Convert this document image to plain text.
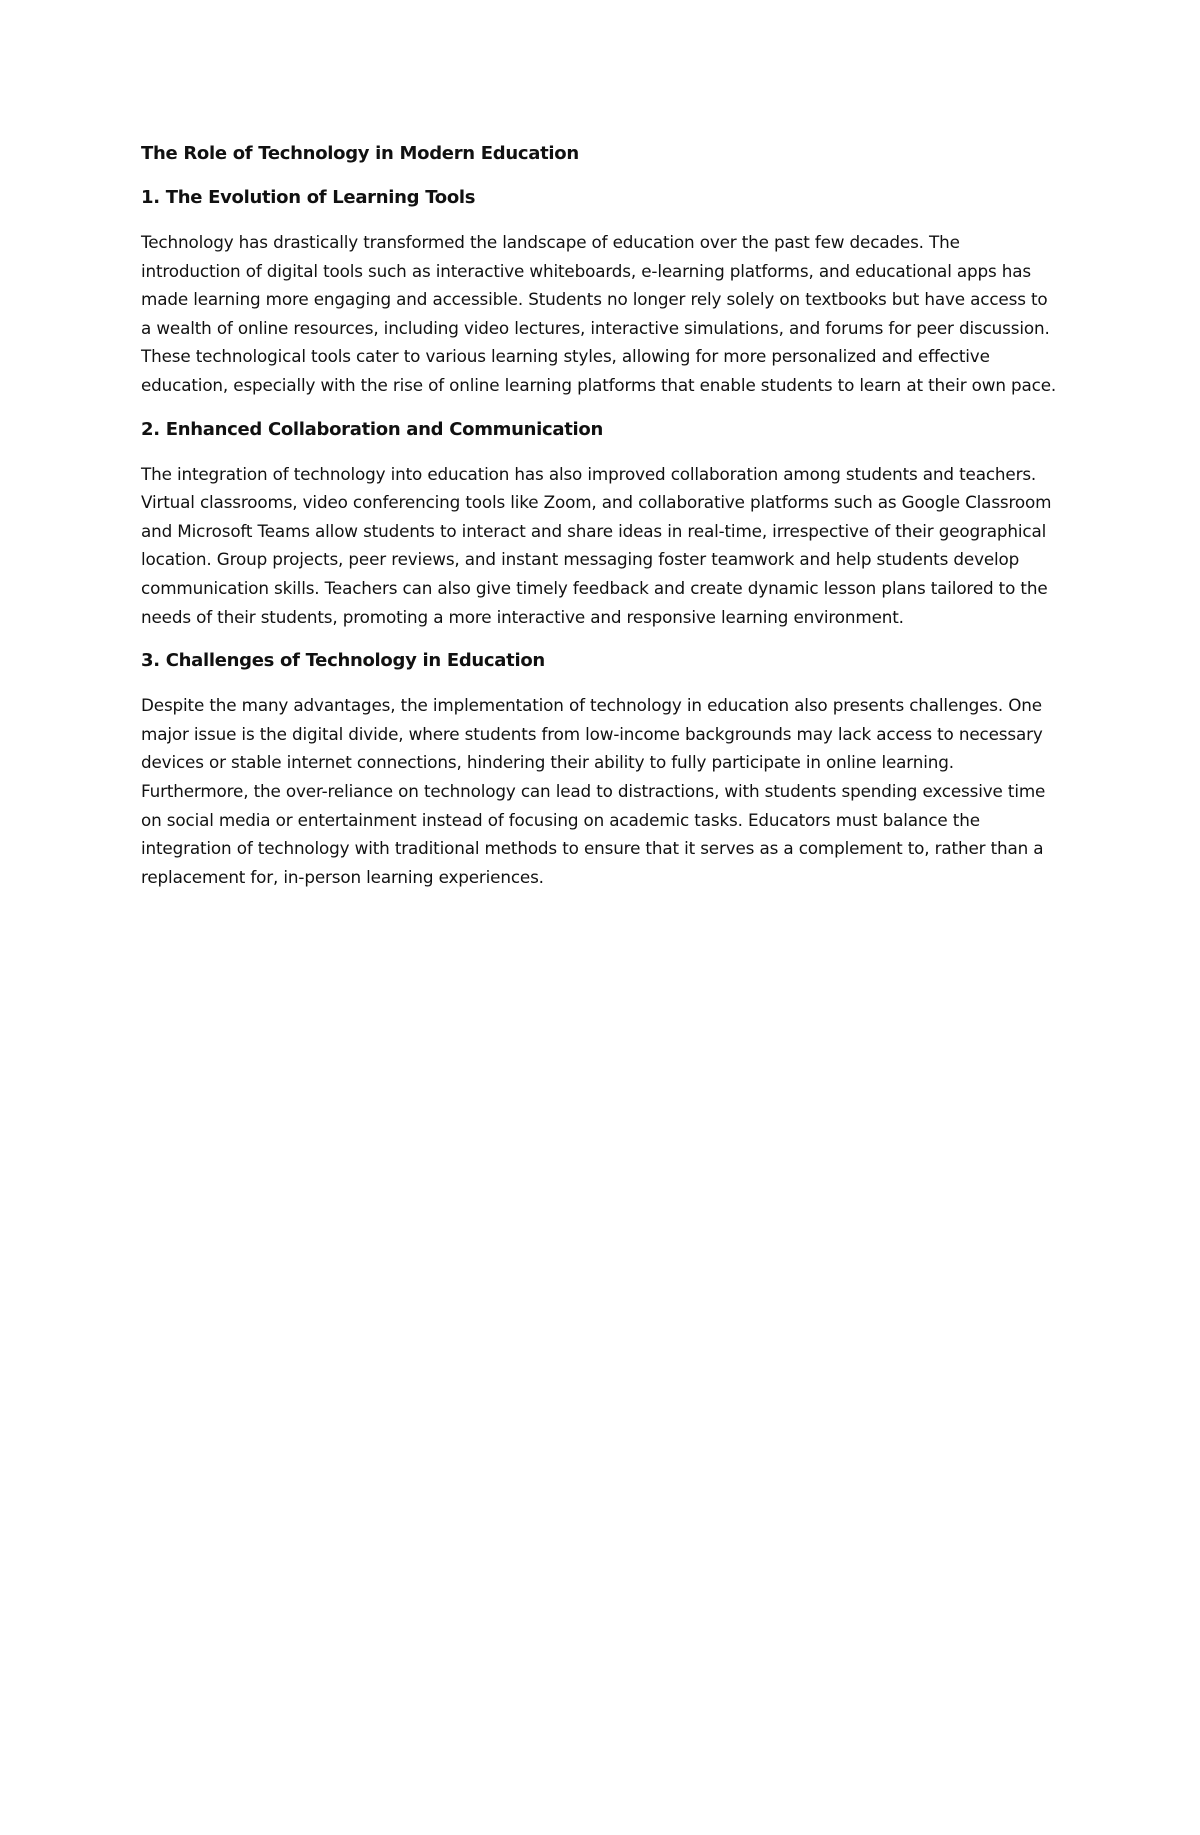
The Role of Technology in Modern Education
1. The Evolution of Learning Tools

Technology has drastically transformed the landscape of education over the past few decades. The introduction of digital tools such as interactive whiteboards, e-learning platforms, and educational apps has made learning more engaging and accessible. Students no longer rely solely on textbooks but have access to a wealth of online resources, including video lectures, interactive simulations, and forums for peer discussion. These technological tools cater to various learning styles, allowing for more personalized and effective education, especially with the rise of online learning platforms that enable students to learn at their own pace.

2. Enhanced Collaboration and Communication

The integration of technology into education has also improved collaboration among students and teachers. Virtual classrooms, video conferencing tools like Zoom, and collaborative platforms such as Google Classroom and Microsoft Teams allow students to interact and share ideas in real-time, irrespective of their geographical location. Group projects, peer reviews, and instant messaging foster teamwork and help students develop communication skills. Teachers can also give timely feedback and create dynamic lesson plans tailored to the needs of their students, promoting a more interactive and responsive learning environment.

3. Challenges of Technology in Education

Despite the many advantages, the implementation of technology in education also presents challenges. One major issue is the digital divide, where students from low-income backgrounds may lack access to necessary devices or stable internet connections, hindering their ability to fully participate in online learning. Furthermore, the over-reliance on technology can lead to distractions, with students spending excessive time on social media or entertainment instead of focusing on academic tasks. Educators must balance the integration of technology with traditional methods to ensure that it serves as a complement to, rather than a replacement for, in-person learning experiences.
